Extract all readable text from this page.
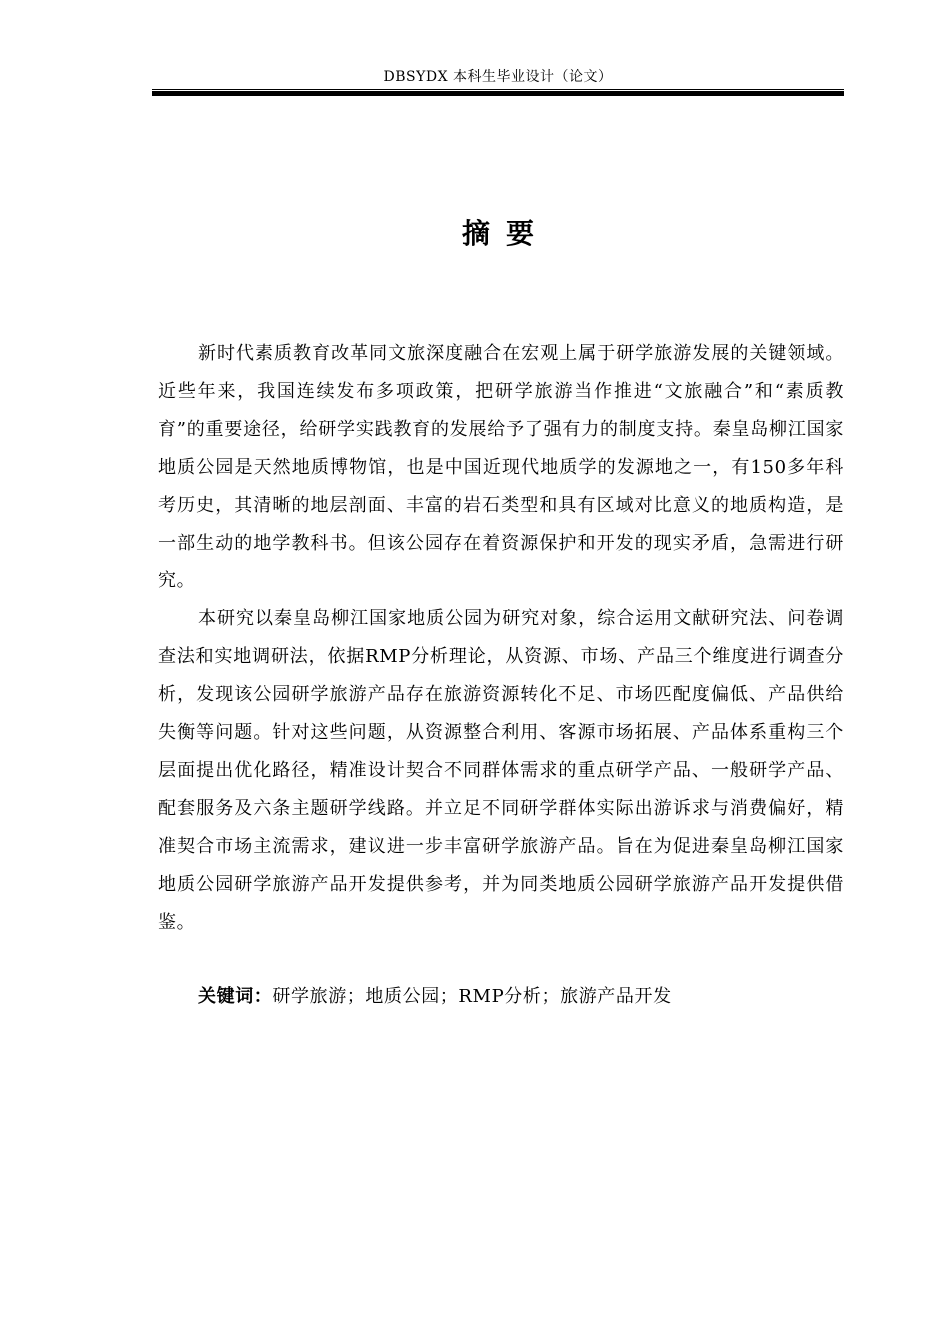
DBSYDX 本科生毕业设计（论文）
摘要

新时代素质教育改革同文旅深度融合在宏观上属于研学旅游发展的关键领域。近些年来，我国连续发布多项政策，把研学旅游当作推进“文旅融合”和“素质教育”的重要途径，给研学实践教育的发展给予了强有力的制度支持。秦皇岛柳江国家地质公园是天然地质博物馆，也是中国近现代地质学的发源地之一，有150多年科考历史，其清晰的地层剖面、丰富的岩石类型和具有区域对比意义的地质构造，是一部生动的地学教科书。但该公园存在着资源保护和开发的现实矛盾，急需进行研究。

本研究以秦皇岛柳江国家地质公园为研究对象，综合运用文献研究法、问卷调查法和实地调研法，依据RMP分析理论，从资源、市场、产品三个维度进行调查分析，发现该公园研学旅游产品存在旅游资源转化不足、市场匹配度偏低、产品供给失衡等问题。针对这些问题，从资源整合利用、客源市场拓展、产品体系重构三个层面提出优化路径，精准设计契合不同群体需求的重点研学产品、一般研学产品、配套服务及六条主题研学线路。并立足不同研学群体实际出游诉求与消费偏好，精准契合市场主流需求，建议进一步丰富研学旅游产品。旨在为促进秦皇岛柳江国家地质公园研学旅游产品开发提供参考，并为同类地质公园研学旅游产品开发提供借鉴。

关键词：研学旅游；地质公园；RMP分析；旅游产品开发
